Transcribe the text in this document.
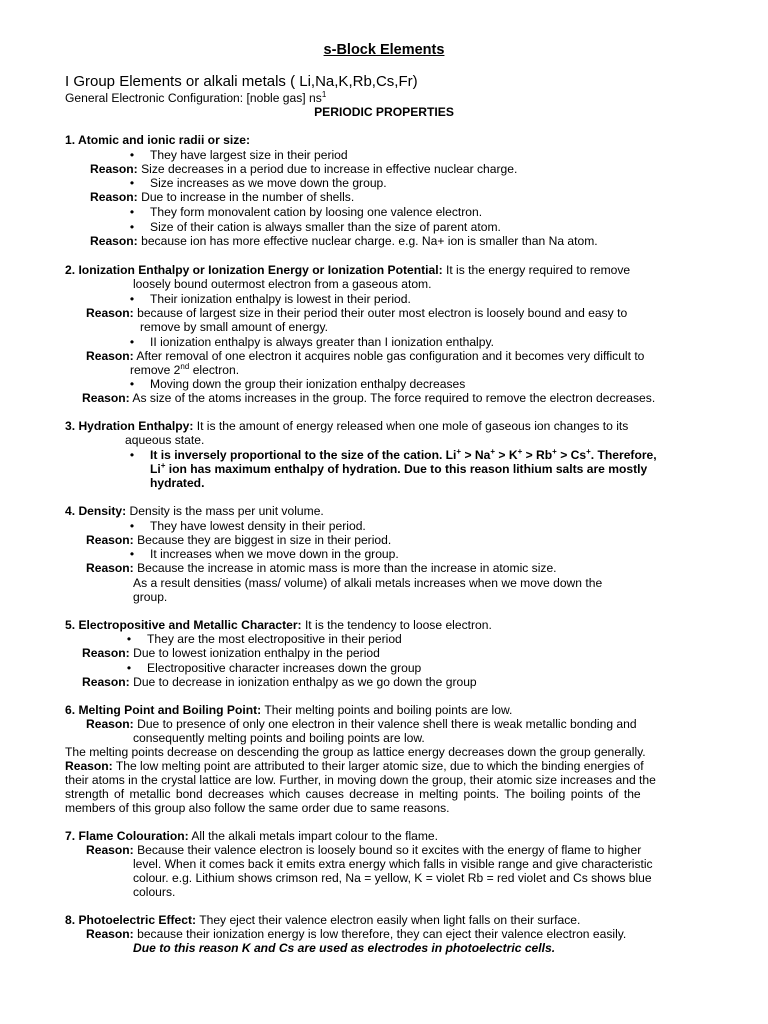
s-Block Elements
I Group Elements or alkali metals ( Li,Na,K,Rb,Cs,Fr)
General Electronic Configuration: [noble gas] $ns^1$
PERIODIC PROPERTIES
1. Atomic and ionic radii or size:
• They have largest size in their period
Reason: Size decreases in a period due to increase in effective nuclear charge.
• Size increases as we move down the group.
Reason: Due to increase in the number of shells.
• They form monovalent cation by loosing one valence electron.
• Size of their cation is always smaller than the size of parent atom.
Reason: because ion has more effective nuclear charge. e.g. Na+ ion is smaller than Na atom.
2. Ionization Enthalpy or Ionization Energy or Ionization Potential: It is the energy required to remove
loosely bound outermost electron from a gaseous atom.
• Their ionization enthalpy is lowest in their period.
Reason: because of largest size in their period their outer most electron is loosely bound and easy to
remove by small amount of energy.
• II ionization enthalpy is always greater than I ionization enthalpy.
Reason: After removal of one electron it acquires noble gas configuration and it becomes very difficult to
remove 2nd electron.
• Moving down the group their ionization enthalpy decreases
Reason: As size of the atoms increases in the group. The force required to remove the electron decreases.
3. Hydration Enthalpy: It is the amount of energy released when one mole of gaseous ion changes to its
aqueous state.
• It is inversely proportional to the size of the cation. Li+ > Na+ > K+ > Rb+ > Cs+. Therefore,
Li+ ion has maximum enthalpy of hydration. Due to this reason lithium salts are mostly
hydrated.
4. Density: Density is the mass per unit volume.
• They have lowest density in their period.
Reason: Because they are biggest in size in their period.
• It increases when we move down in the group.
Reason: Because the increase in atomic mass is more than the increase in atomic size.
As a result densities (mass/ volume) of alkali metals increases when we move down the
group.
5. Electropositive and Metallic Character: It is the tendency to loose electron.
• They are the most electropositive in their period
Reason: Due to lowest ionization enthalpy in the period
• Electropositive character increases down the group
Reason: Due to decrease in ionization enthalpy as we go down the group
6. Melting Point and Boiling Point: Their melting points and boiling points are low.
Reason: Due to presence of only one electron in their valence shell there is weak metallic bonding and
consequently melting points and boiling points are low.
The melting points decrease on descending the group as lattice energy decreases down the group generally.
Reason: The low melting point are attributed to their larger atomic size, due to which the binding energies of
their atoms in the crystal lattice are low. Further, in moving down the group, their atomic size increases and the
strength of metallic bond decreases which causes decrease in melting points. The boiling points of the
members of this group also follow the same order due to same reasons.
7. Flame Colouration: All the alkali metals impart colour to the flame.
Reason: Because their valence electron is loosely bound so it excites with the energy of flame to higher
level. When it comes back it emits extra energy which falls in visible range and give characteristic
colour. e.g. Lithium shows crimson red, Na = yellow, K = violet Rb = red violet and Cs shows blue
colours.
8. Photoelectric Effect: They eject their valence electron easily when light falls on their surface.
Reason: because their ionization energy is low therefore, they can eject their valence electron easily.
Due to this reason K and Cs are used as electrodes in photoelectric cells.
